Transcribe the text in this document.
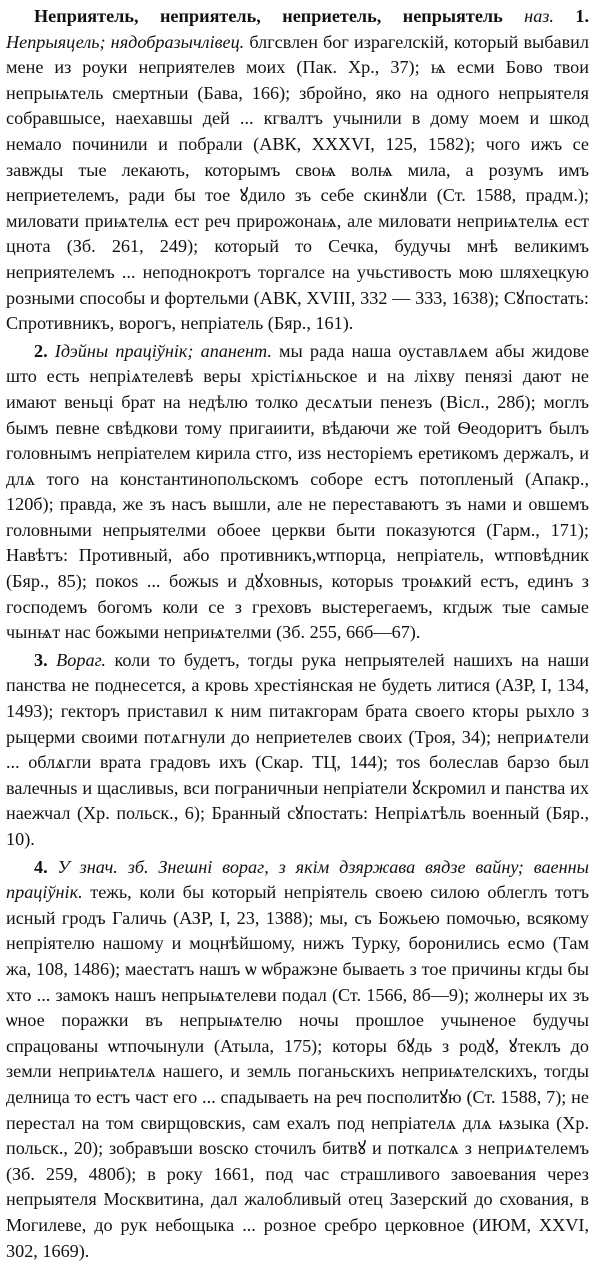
Неприятель, неприятель, неприетель, непрыятель наз. 1. Непрыяцель; нядобразычлівец. блгсвлен бог израгелскій, который выбавил мене из роуки неприятелев моих (Пак. Хр., 37); ѩ есми Бово твои непрыѩтель смертныи (Бава, 166); збройно, яко на одного непрыятеля собравшысе, наехавшы дей ... кгвалтъ учынили в дому моем и шкод немало починили и побрали (АВК, XXXVI, 125, 1582); чого ижъ се завжды тые лекають, которымъ своѩ волѩ мила, а розумъ имъ неприетелемъ, ради бы тое ꙋдило зъ себе скинꙋли (Ст. 1588, прадм.); миловати приѩтелѩ ест реч прирожонаѩ, але миловати неприѩтелѩ ест цнота (Зб. 261, 249); который то Сечка, будучы мнѣ великимъ неприятелемъ ... неподнокротъ торгалсе на учьстивость мою шляхецкую розными способы и фортельми (АВК, XVIII, 332 — 333, 1638); Сꙋпостать: Спротивникъ, ворогъ, непріатель (Бяр., 161).

2. Ідэйны праціўнік; апанент. мы рада наша оуставлѧем абы жидове што есть непріѧтелевѣ веры хрістіѧньское и на ліхву пенязі дают не имают веньці брат на недѣлю толко десѧтыи пенезъ (Вісл., 28б); моглъ бымъ певне свѣдкови тому пригаиити, вѣдаючи же той Ѳеодоритъ былъ головнымъ непріателем кирила стго, изѕ несторіемъ еретикомъ держалъ, и длѧ того на константинопольскомъ соборе естъ потопленый (Апакр., 120б); правда, же зъ насъ вышли, але не переставаютъ зъ нами и овшемъ головными непрыятелми обоее церкви быти показуются (Гарм., 171); Навѣтъ: Противный, або противникъ,ѡтпорца, непріатель, ѡтповѣдник (Бяр., 85); покоѕ ... божыѕ и дꙋховныѕ, которыѕ троѩкий естъ, единъ з господемъ богомъ коли се з греховъ выстерегаемъ, кгдыж тые самые чынѩт нас божыми неприѩтелми (Зб. 255, 66б—67).

3. Вораг. коли то будетъ, тогды рука непрыятелей нашихъ на наши панства не поднесется, а кровь хрестіянская не будеть литися (АЗР, I, 134, 1493); гекторъ приставил к ним питакгорам брата своего кторы рыхло з рыцерми своими потѧгнули до неприетелев своих (Троя, 34); неприѧтели ... облѧгли врата градовъ ихъ (Скар. ТЦ, 144); тоѕ болеслав барзо был валечныѕ и щасливыѕ, вси пограничныи непріатели ꙋскромил и панства их наежчал (Хр. польск., 6); Бранный сꙋпостать: Непріѧтѣль военный (Бяр., 10).

4. У знач. зб. Знешні вораг, з якім дзяржава вядзе вайну; ваенны праціўнік. тежь, коли бы который непріятель своею силою облеглъ тотъ исный гродъ Галичь (АЗР, I, 23, 1388); мы, съ Божьею помочью, всякому непріятелю нашому и моцнѣйшому, нижъ Турку, боронились есмо (Там жа, 108, 1486); маестатъ нашъ ѡ ѡбражэне бываеть з тое причины кгды бы хто ... замокъ нашъ непрыѩтелеви подал (Ст. 1566, 8б—9); жолнеры их зъ ѡное поражки въ непрыѩтелю ночы прошлое учыненое будучы спрацованы ѡтпочынули (Атыла, 175); которы бꙋдь з родꙋ, ꙋтеклъ до земли неприѩтелѧ нашего, и земль поганьскихъ неприѩтелскихъ, тогды делница то естъ част его ... спадываеть на реч посполитꙋю (Ст. 1588, 7); не перестал на том свирщовскиѕ, сам ехалъ под непріателѧ длѧ ѩзыка (Хр. польск., 20); зобравъши воѕско сточилъ битвꙋ и поткалсѧ з неприѧтелемъ (Зб. 259, 480б); в року 1661, под час страшливого завоевания через непрыятеля Москвитина, дал жалобливый отец Зазерский до схования, в Могилеве, до рук небощыка ... розное сребро церковное (ИЮМ, XXVI, 302, 1669).
